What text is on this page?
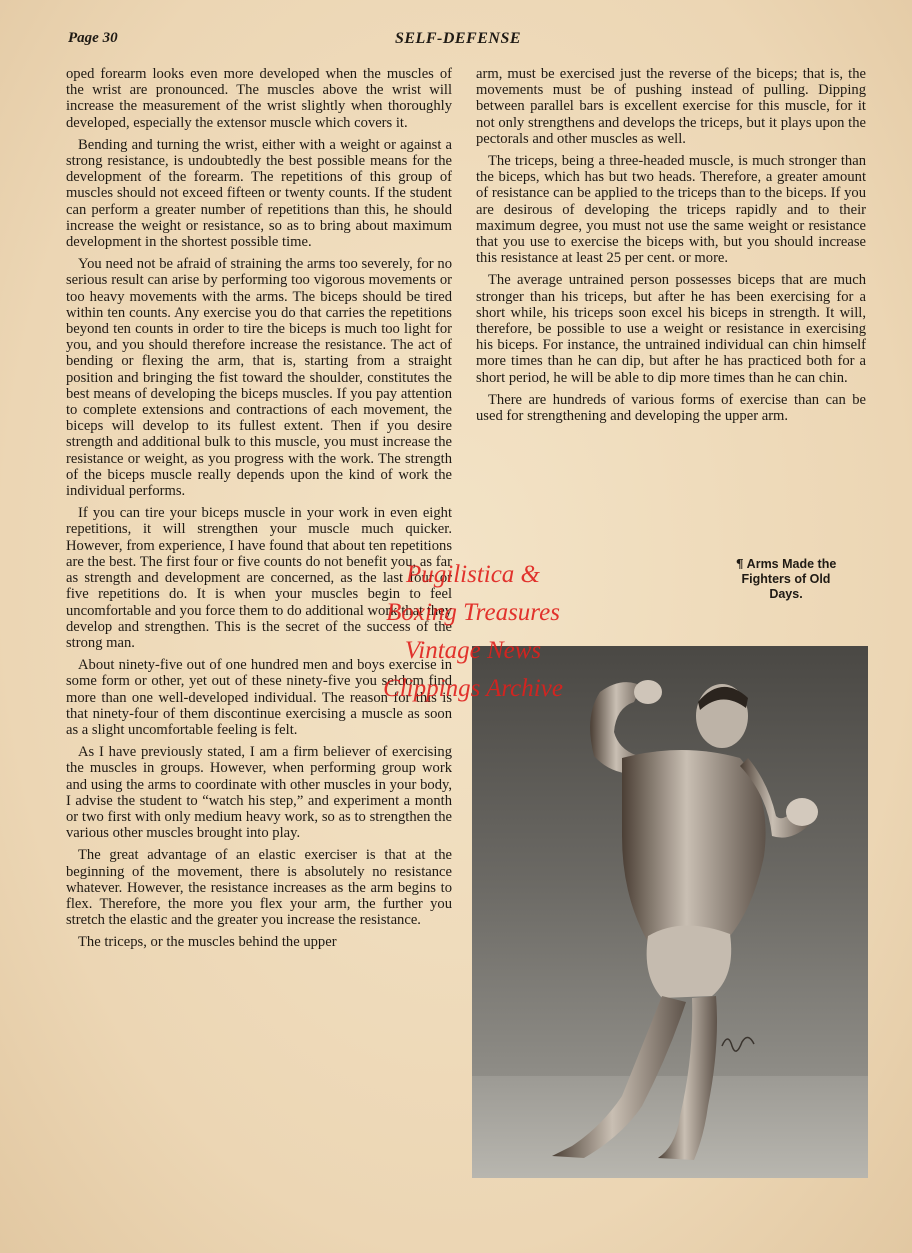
Page 30	SELF-DEFENSE

oped forearm looks even more developed when the muscles of the wrist are pronounced. The muscles above the wrist will increase the measurement of the wrist slightly when thoroughly developed, especially the extensor muscle which covers it.

Bending and turning the wrist, either with a weight or against a strong resistance, is undoubtedly the best possible means for the development of the forearm. The repetitions of this group of muscles should not exceed fifteen or twenty counts. If the student can perform a greater number of repetitions than this, he should increase the weight or resistance, so as to bring about maximum development in the shortest possible time.

You need not be afraid of straining the arms too severely, for no serious result can arise by performing too vigorous movements or too heavy movements with the arms. The biceps should be tired within ten counts. Any exercise you do that carries the repetitions beyond ten counts in order to tire the biceps is much too light for you, and you should therefore increase the resistance. The act of bending or flexing the arm, that is, starting from a straight position and bringing the fist toward the shoulder, constitutes the best means of developing the biceps muscles. If you pay attention to complete extensions and contractions of each movement, the biceps will develop to its fullest extent. Then if you desire strength and additional bulk to this muscle, you must increase the resistance or weight, as you progress with the work. The strength of the biceps muscle really depends upon the kind of work the individual performs.

If you can tire your biceps muscle in your work in even eight repetitions, it will strengthen your muscle much quicker. However, from experience, I have found that about ten repetitions are the best. The first four or five counts do not benefit you, as far as strength and development are concerned, as the last four or five repetitions do. It is when your muscles begin to feel uncomfortable and you force them to do additional work that they develop and strengthen. This is the secret of the success of the strong man.

About ninety-five out of one hundred men and boys exercise in some form or other, yet out of these ninety-five you seldom find more than one well-developed individual. The reason for this is that ninety-four of them discontinue exercising a muscle as soon as a slight uncomfortable feeling is felt.

As I have previously stated, I am a firm believer of exercising the muscles in groups. However, when performing group work and using the arms to coordinate with other muscles in your body, I advise the student to “watch his step,” and experiment a month or two first with only medium heavy work, so as to strengthen the various other muscles brought into play.

The great advantage of an elastic exerciser is that at the beginning of the movement, there is absolutely no resistance whatever. However, the resistance increases as the arm begins to flex. Therefore, the more you flex your arm, the further you stretch the elastic and the greater you increase the resistance.

The triceps, or the muscles behind the upper

arm, must be exercised just the reverse of the biceps; that is, the movements must be of pushing instead of pulling. Dipping between parallel bars is excellent exercise for this muscle, for it not only strengthens and develops the triceps, but it plays upon the pectorals and other muscles as well.

The triceps, being a three-headed muscle, is much stronger than the biceps, which has but two heads. Therefore, a greater amount of resistance can be applied to the triceps than to the biceps. If you are desirous of developing the triceps rapidly and to their maximum degree, you must not use the same weight or resistance that you use to exercise the biceps with, but you should increase this resistance at least 25 per cent. or more.

The average untrained person possesses biceps that are much stronger than his triceps, but after he has been exercising for a short while, his triceps soon excel his biceps in strength. It will, therefore, be possible to use a weight or resistance in exercising his biceps. For instance, the untrained individual can chin himself more times than he can dip, but after he has practiced both for a short period, he will be able to dip more times than he can chin.

There are hundreds of various forms of exercise than can be used for strengthening and developing the upper arm.

¶ Arms Made the
Fighters of Old
Days.
Pugilistica &
Boxing Treasures
Vintage News
Clippings Archive
